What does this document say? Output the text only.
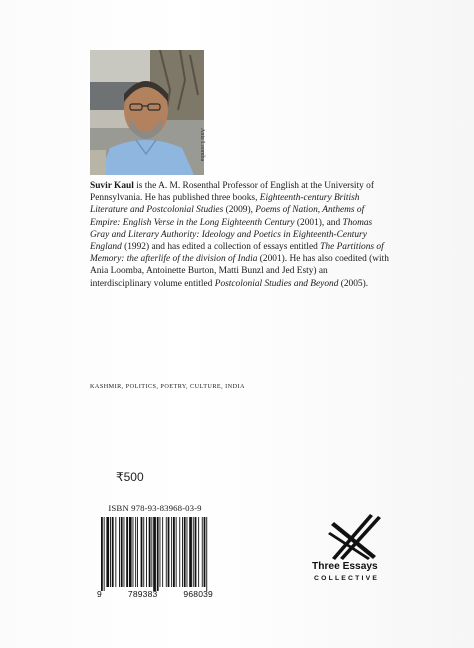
Ania Loomba
Suvir Kaul is the A. M. Rosenthal Professor of English at the University of Pennsylvania. He has published three books, Eighteenth-century British Literature and Postcolonial Studies (2009), Poems of Nation, Anthems of Empire: English Verse in the Long Eighteenth Century (2001), and Thomas Gray and Literary Authority: Ideology and Poetics in Eighteenth-Century England (1992) and has edited a collection of essays entitled The Partitions of Memory: the afterlife of the division of India (2001). He has also coedited (with Ania Loomba, Antoinette Burton, Matti Bunzl and Jed Esty) an interdisciplinary volume entitled Postcolonial Studies and Beyond (2005).
KASHMIR, POLITICS, POETRY, CULTURE, INDIA
₹500
ISBN 978-93-83968-03-9
9	789383	968039
Three Essays
COLLECTIVE
